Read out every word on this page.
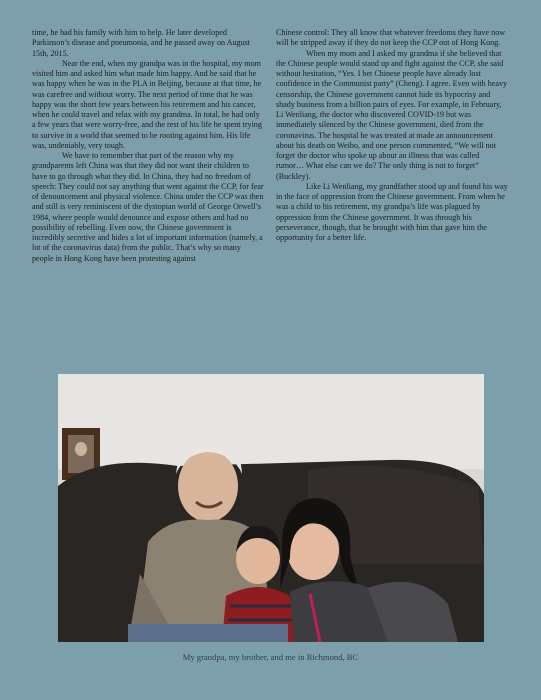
time, he had his family with him to help. He later developed Parkinson’s disease and pneumonia, and he passed away on August 15th, 2015.

Near the end, when my grandpa was in the hospital, my mom visited him and asked him what made him happy. And he said that he was happy when he was in the PLA in Beijing, because at that time, he was carefree and without worry. The next period of time that he was happy was the short few years between his retirement and his cancer, when he could travel and relax with my grandma. In total, he had only a few years that were worry-free, and the rest of his life he spent trying to survive in a world that seemed to be rooting against him. His life was, undeniably, very tough.

We have to remember that part of the reason why my grandparents left China was that they did not want their children to have to go through what they did. In China, they had no freedom of speech: They could not say anything that went against the CCP, for fear of denouncement and physical violence. China under the CCP was then and still is very reminiscent of the dystopian world of George Orwell’s 1984, where people would denounce and expose others and had no possibility of rebelling. Even now, the Chinese government is incredibly secretive and hides a lot of important information (namely, a lot of the coronavirus data) from the public. That’s why so many people in Hong Kong have been protesting against

Chinese control: They all know that whatever freedoms they have now will be stripped away if they do not keep the CCP out of Hong Kong.

When my mom and I asked my grandma if she believed that the Chinese people would stand up and fight against the CCP, she said without hesitation, “Yes. I bet Chinese people have already lost confidence in the Communist party” (Cheng). I agree. Even with heavy censorship, the Chinese government cannot hide its hypocrisy and shady business from a billion pairs of eyes. For example, in February, Li Wenliang, the doctor who discovered COVID-19 but was immediately silenced by the Chinese government, died from the coronavirus. The hospital he was treated at made an announcement about his death on Weibo, and one person commented, “We will not forget the doctor who spoke up about an illness that was called rumor… What else can we do? The only thing is not to forget” (Buckley).

Like Li Wenliang, my grandfather stood up and found his way in the face of oppression from the Chinese government. From when he was a child to his retirement, my grandpa’s life was plagued by oppression from the Chinese government. It was through his perseverance, though, that he brought with him that gave him the opportunity for a better life.

My grandpa, my brother, and me in Richmond, BC
